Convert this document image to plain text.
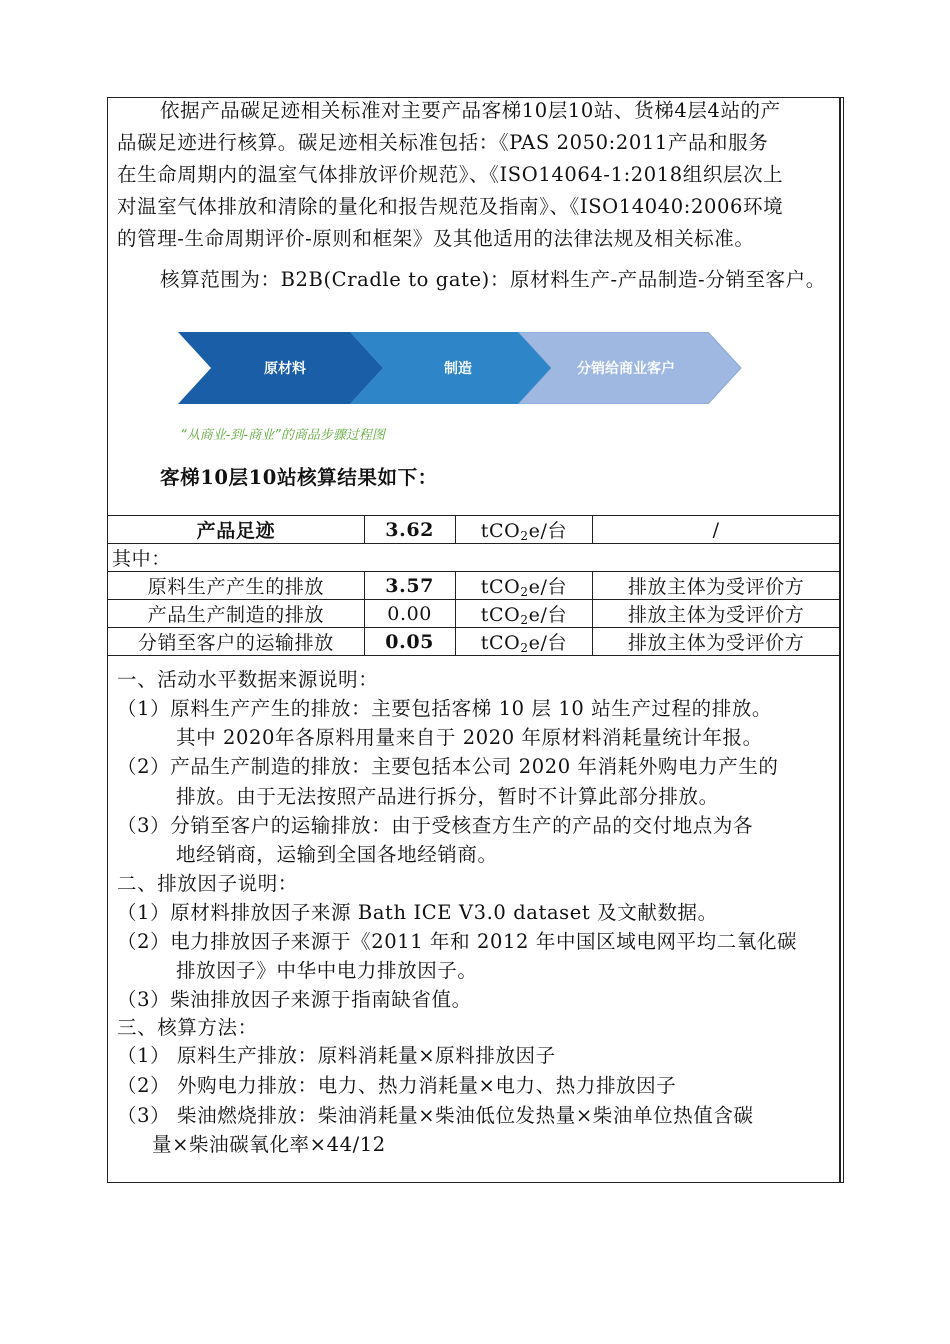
依据产品碳足迹相关标准对主要产品客梯10层10站、货梯4层4站的产
品碳足迹进行核算。碳足迹相关标准包括：《PAS 2050:2011产品和服务
在生命周期内的温室气体排放评价规范》、《ISO14064-1:2018组织层次上
对温室气体排放和清除的量化和报告规范及指南》、《ISO14040:2006环境
的管理-生命周期评价-原则和框架》及其他适用的法律法规及相关标准。
核算范围为：B2B(Cradle to gate)：原材料生产-产品制造-分销至客户。
原材料	制造	分销给商业客户
“从商业-到-商业”的商品步骤过程图
客梯10层10站核算结果如下：
产品足迹	3.62	tCO$_2$e/台	/
其中：			
原料生产产生的排放	3.57	tCO$_2$e/台	排放主体为受评价方
产品生产制造的排放	0.00	tCO$_2$e/台	排放主体为受评价方
分销至客户的运输排放	0.05	tCO$_2$e/台	排放主体为受评价方
一、活动水平数据来源说明：
（1）原料生产产生的排放：主要包括客梯 10 层 10 站生产过程的排放。
其中 2020年各原料用量来自于 2020 年原材料消耗量统计年报。
（2）产品生产制造的排放：主要包括本公司 2020 年消耗外购电力产生的
排放。由于无法按照产品进行拆分，暂时不计算此部分排放。
（3）分销至客户的运输排放：由于受核查方生产的产品的交付地点为各
地经销商，运输到全国各地经销商。
二、排放因子说明：
（1）原材料排放因子来源 Bath ICE V3.0 dataset 及文献数据。
（2）电力排放因子来源于《2011 年和 2012 年中国区域电网平均二氧化碳
排放因子》中华中电力排放因子。
（3）柴油排放因子来源于指南缺省值。
三、核算方法：
（1） 原料生产排放：原料消耗量×原料排放因子
（2） 外购电力排放：电力、热力消耗量×电力、热力排放因子
（3） 柴油燃烧排放：柴油消耗量×柴油低位发热量×柴油单位热值含碳
量×柴油碳氧化率×44/12
